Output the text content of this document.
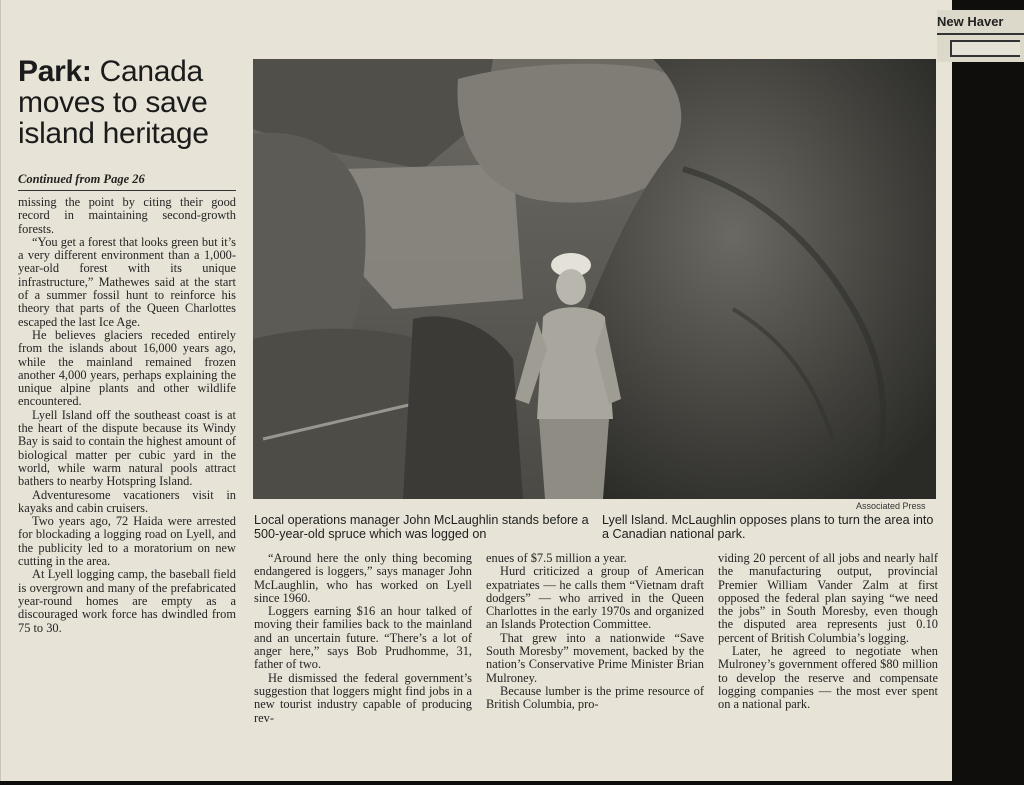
New Haver
Park: Canada moves to save island heritage
Continued from Page 26

missing the point by citing their good record in maintaining second-growth forests.

“You get a forest that looks green but it’s a very different environment than a 1,000-year-old forest with its unique infrastructure,” Mathewes said at the start of a summer fossil hunt to reinforce his theory that parts of the Queen Charlottes escaped the last Ice Age.

He believes glaciers receded entirely from the islands about 16,000 years ago, while the mainland remained frozen another 4,000 years, perhaps explaining the unique alpine plants and other wildlife encountered.

Lyell Island off the southeast coast is at the heart of the dispute because its Windy Bay is said to contain the highest amount of biological matter per cubic yard in the world, while warm natural pools attract bathers to nearby Hotspring Island.

Adventuresome vacationers visit in kayaks and cabin cruisers.

Two years ago, 72 Haida were arrested for blockading a logging road on Lyell, and the publicity led to a moratorium on new cutting in the area.

At Lyell logging camp, the baseball field is overgrown and many of the prefabricated year-round homes are empty as a discouraged work force has dwindled from 75 to 30.

Associated Press
Local operations manager John McLaughlin stands before a 500-year-old spruce which was logged on
Lyell Island. McLaughlin opposes plans to turn the area into a Canadian national park.

“Around here the only thing becoming endangered is loggers,” says manager John McLaughlin, who has worked on Lyell since 1960.

Loggers earning $16 an hour talked of moving their families back to the mainland and an uncertain future. “There’s a lot of anger here,” says Bob Prudhomme, 31, father of two.

He dismissed the federal government’s suggestion that loggers might find jobs in a new tourist industry capable of producing rev-

enues of $7.5 million a year.

Hurd criticized a group of American expatriates — he calls them “Vietnam draft dodgers” — who arrived in the Queen Charlottes in the early 1970s and organized an Islands Protection Committee.

That grew into a nationwide “Save South Moresby” movement, backed by the nation’s Conservative Prime Minister Brian Mulroney.

Because lumber is the prime resource of British Columbia, pro-

viding 20 percent of all jobs and nearly half the manufacturing output, provincial Premier William Vander Zalm at first opposed the federal plan saying “we need the jobs” in South Moresby, even though the disputed area represents just 0.10 percent of British Columbia’s logging.

Later, he agreed to negotiate when Mulroney’s government offered $80 million to develop the reserve and compensate logging companies — the most ever spent on a national park.
